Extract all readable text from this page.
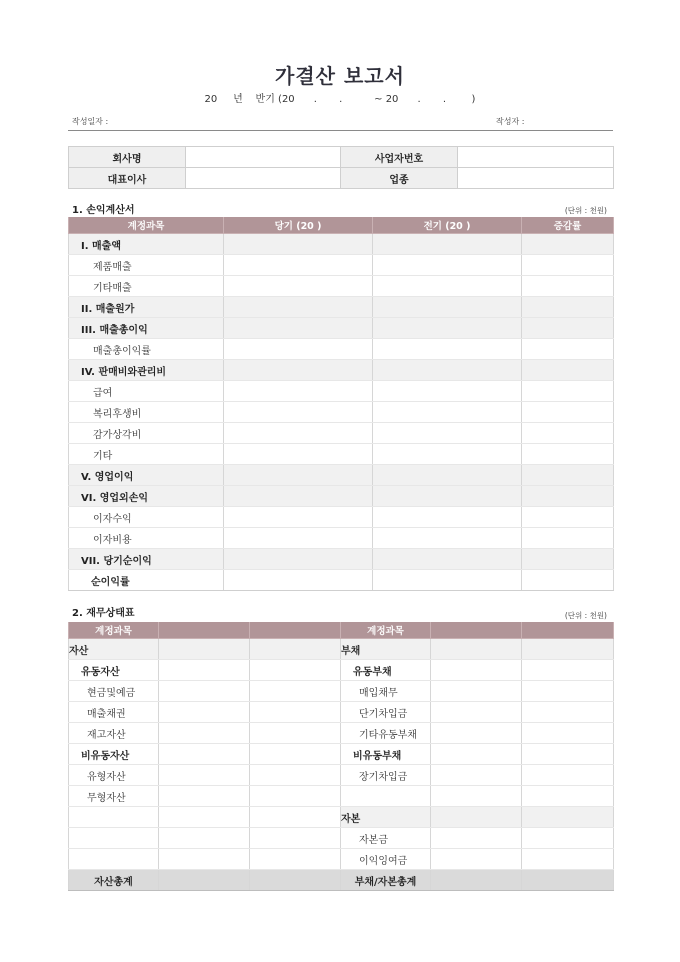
가결산 보고서
20     년    반기 (20      .       .          ~ 20      .       .        )
작성일자 :	작성자 :
회사명		사업자번호	
대표이사		업종	
1. 손익계산서	(단위 : 천원)
계정과목	당기 (20 )	전기 (20 )	증감률
I. 매출액			
제품매출			
기타매출			
II. 매출원가			
III. 매출총이익			
매출총이익률			
IV. 판매비와관리비			
급여			
복리후생비			
감가상각비			
기타			
V. 영업이익			
VI. 영업외손익			
이자수익			
이자비용			
VII. 당기순이익			
순이익률			
2. 재무상태표	(단위 : 천원)
계정과목			계정과목		
자산			부채		
유동자산			유동부채		
현금및예금			매입채무		
매출채권			단기차입금		
재고자산			기타유동부채		
비유동자산			비유동부채		
유형자산			장기차입금		
무형자산					
			자본		
			자본금		
			이익잉여금		
자산총계			부채/자본총계		
